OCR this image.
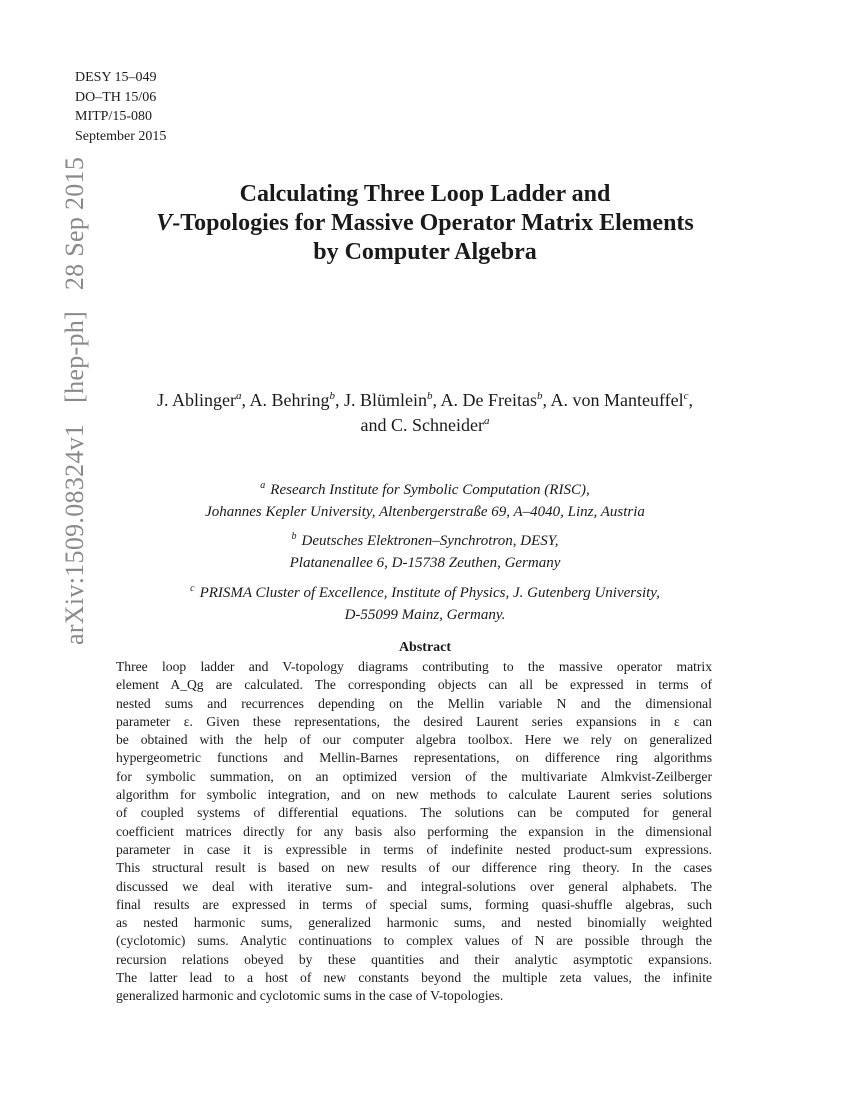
arXiv:1509.08324v1 [hep-ph] 28 Sep 2015
DESY 15–049
DO–TH 15/06
MITP/15-080
September 2015
Calculating Three Loop Ladder and
V-Topologies for Massive Operator Matrix Elements
by Computer Algebra
J. Ablinger$^a$, A. Behring$^b$, J. Blümlein$^b$, A. De Freitas$^b$, A. von Manteuffel$^c$,
and C. Schneider$^a$
$^a$ Research Institute for Symbolic Computation (RISC),
Johannes Kepler University, Altenbergerstraße 69, A–4040, Linz, Austria
$^b$ Deutsches Elektronen–Synchrotron, DESY,
Platanenallee 6, D-15738 Zeuthen, Germany
$^c$ PRISMA Cluster of Excellence, Institute of Physics, J. Gutenberg University,
D-55099 Mainz, Germany.
Abstract
Three loop ladder and V-topology diagrams contributing to the massive operator matrix
element A_Qg are calculated. The corresponding objects can all be expressed in terms of
nested sums and recurrences depending on the Mellin variable N and the dimensional
parameter ε. Given these representations, the desired Laurent series expansions in ε can
be obtained with the help of our computer algebra toolbox. Here we rely on generalized
hypergeometric functions and Mellin-Barnes representations, on difference ring algorithms
for symbolic summation, on an optimized version of the multivariate Almkvist-Zeilberger
algorithm for symbolic integration, and on new methods to calculate Laurent series solutions
of coupled systems of differential equations. The solutions can be computed for general
coefficient matrices directly for any basis also performing the expansion in the dimensional
parameter in case it is expressible in terms of indefinite nested product-sum expressions.
This structural result is based on new results of our difference ring theory. In the cases
discussed we deal with iterative sum- and integral-solutions over general alphabets. The
final results are expressed in terms of special sums, forming quasi-shuffle algebras, such
as nested harmonic sums, generalized harmonic sums, and nested binomially weighted
(cyclotomic) sums. Analytic continuations to complex values of N are possible through the
recursion relations obeyed by these quantities and their analytic asymptotic expansions.
The latter lead to a host of new constants beyond the multiple zeta values, the infinite
generalized harmonic and cyclotomic sums in the case of V-topologies.
